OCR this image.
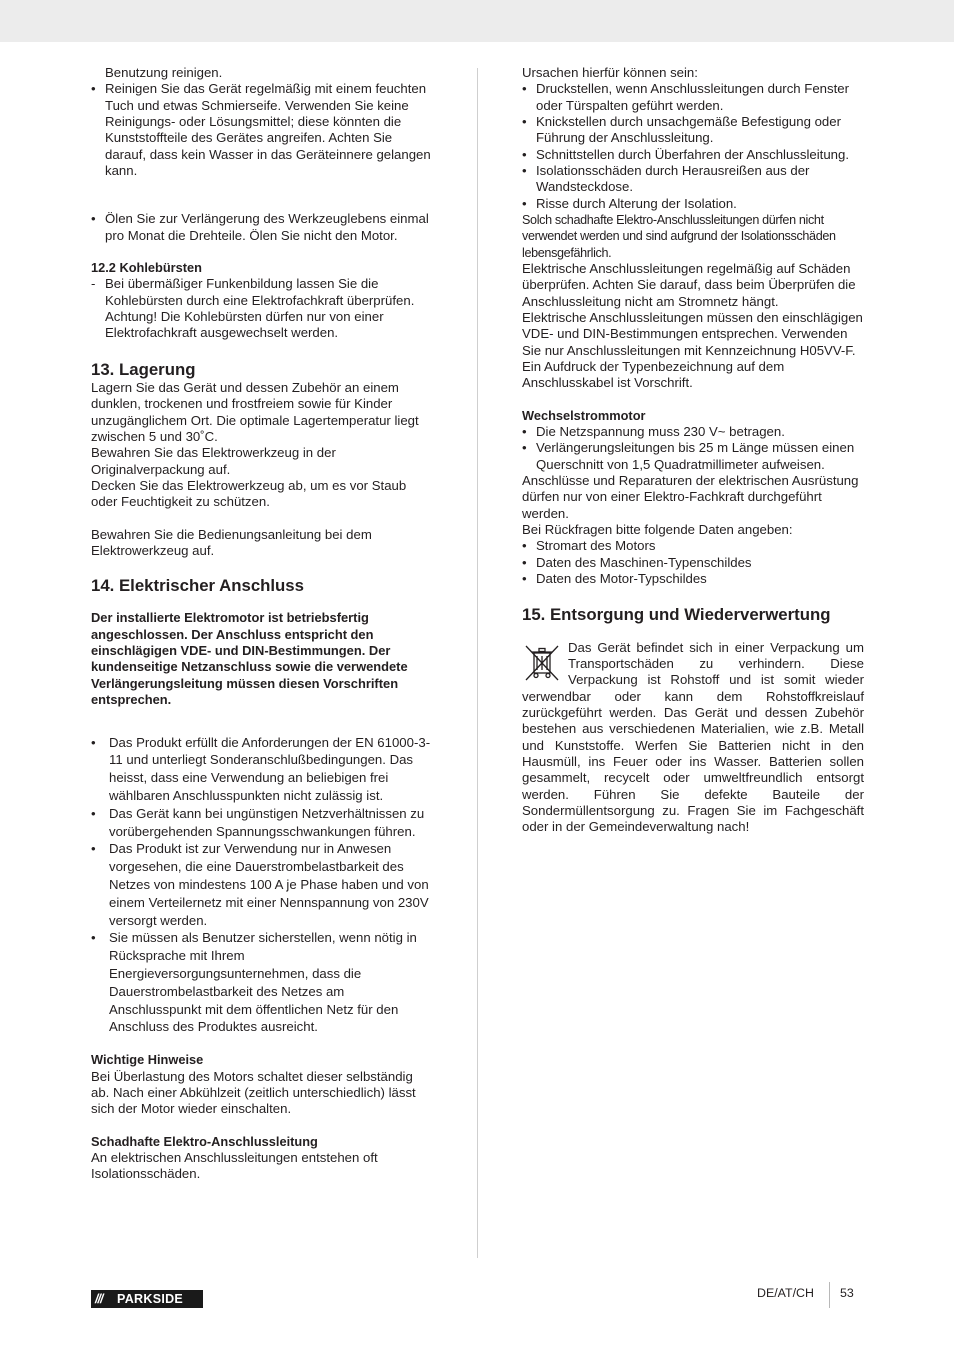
Benutzung reinigen.

• Reinigen Sie das Gerät regelmäßig mit einem feuchten Tuch und etwas Schmierseife. Verwenden Sie keine Reinigungs- oder Lösungsmittel; diese könnten die Kunststoffteile des Gerätes angreifen. Achten Sie darauf, dass kein Wasser in das Geräteinnere gelangen kann.
• Ölen Sie zur Verlängerung des Werkzeuglebens einmal pro Monat die Drehteile. Ölen Sie nicht den Motor.

12.2 Kohlebürsten

- Bei übermäßiger Funkenbildung lassen Sie die Kohlebürsten durch eine Elektrofachkraft überprüfen. Achtung! Die Kohlebürsten dürfen nur von einer Elektrofachkraft ausgewechselt werden.
13. Lagerung

Lagern Sie das Gerät und dessen Zubehör an einem dunklen, trockenen und frostfreiem sowie für Kinder unzugänglichem Ort. Die optimale Lagertemperatur liegt zwischen 5 und 30˚C.

Bewahren Sie das Elektrowerkzeug in der Originalverpackung auf.

Decken Sie das Elektrowerkzeug ab, um es vor Staub oder Feuchtigkeit zu schützen.

Bewahren Sie die Bedienungsanleitung bei dem Elektrowerkzeug auf.

14. Elektrischer Anschluss

Der installierte Elektromotor ist betriebsfertig angeschlossen. Der Anschluss entspricht den einschlägigen VDE- und DIN-Bestimmungen. Der kundenseitige Netzanschluss sowie die verwendete Verlängerungsleitung müssen diesen Vorschriften entsprechen.

• Das Produkt erfüllt die Anforderungen der EN 61000-3-11 und unterliegt Sonderanschlußbedingungen. Das heisst, dass eine Verwendung an beliebigen frei wählbaren Anschlusspunkten nicht zulässig ist.
• Das Gerät kann bei ungünstigen Netzverhältnissen zu vorübergehenden Spannungsschwankungen führen.
• Das Produkt ist zur Verwendung nur in Anwesen vorgesehen, die eine Dauerstrombelastbarkeit des Netzes von mindestens 100 A je Phase haben und von einem Verteilernetz mit einer Nennspannung von 230V versorgt werden.
• Sie müssen als Benutzer sicherstellen, wenn nötig in Rücksprache mit Ihrem Energieversorgungsunternehmen, dass die Dauerstrombelastbarkeit des Netzes am Anschlusspunkt mit dem öffentlichen Netz für den Anschluss des Produktes ausreicht.

Wichtige Hinweise

Bei Überlastung des Motors schaltet dieser selbständig ab. Nach einer Abkühlzeit (zeitlich unterschiedlich) lässt sich der Motor wieder einschalten.

Schadhafte Elektro-Anschlussleitung

An elektrischen Anschlussleitungen entstehen oft Isolationsschäden.

Ursachen hierfür können sein:

• Druckstellen, wenn Anschlussleitungen durch Fenster oder Türspalten geführt werden.
• Knickstellen durch unsachgemäße Befestigung oder Führung der Anschlussleitung.
• Schnittstellen durch Überfahren der Anschlussleitung.
• Isolationsschäden durch Herausreißen aus der Wandsteckdose.
• Risse durch Alterung der Isolation.

Solch schadhafte Elektro-Anschlussleitungen dürfen nicht verwendet werden und sind aufgrund der Isolationsschäden lebensgefährlich.

Elektrische Anschlussleitungen regelmäßig auf Schäden überprüfen. Achten Sie darauf, dass beim Überprüfen die Anschlussleitung nicht am Stromnetz hängt.

Elektrische Anschlussleitungen müssen den einschlägigen VDE- und DIN-Bestimmungen entsprechen. Verwenden Sie nur Anschlussleitungen mit Kennzeichnung H05VV-F.

Ein Aufdruck der Typenbezeichnung auf dem Anschlusskabel ist Vorschrift.

Wechselstrommotor

• Die Netzspannung muss 230 V~ betragen.
• Verlängerungsleitungen bis 25 m Länge müssen einen Querschnitt von 1,5 Quadratmillimeter aufweisen.

Anschlüsse und Reparaturen der elektrischen Ausrüstung dürfen nur von einer Elektro-Fachkraft durchgeführt werden.

Bei Rückfragen bitte folgende Daten angeben:

• Stromart des Motors
• Daten des Maschinen-Typenschildes
• Daten des Motor-Typschildes
15. Entsorgung und Wiederverwertung

Das Gerät befindet sich in einer Verpackung um Transportschäden zu verhindern. Diese Verpackung ist Rohstoff und ist somit wieder verwendbar oder kann dem Rohstoffkreislauf zurückgeführt werden. Das Gerät und dessen Zubehör bestehen aus verschiedenen Materialien, wie z.B. Metall und Kunststoffe. Werfen Sie Batterien nicht in den Hausmüll, ins Feuer oder ins Wasser. Batterien sollen gesammelt, recycelt oder umweltfreundlich entsorgt werden. Führen Sie defekte Bauteile der Sondermüllentsorgung zu. Fragen Sie im Fachgeschäft oder in der Gemeindeverwaltung nach!

/// PARKSIDE	DE/AT/CH 53
